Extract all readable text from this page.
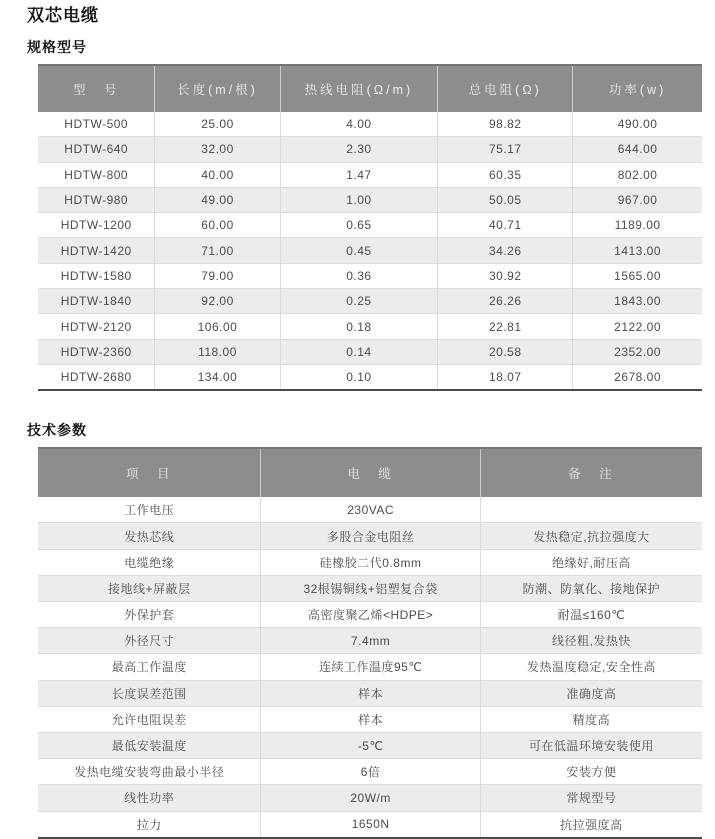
双芯电缆
规格型号
型　号	长度(m/根)	热线电阻(Ω/m)	总电阻(Ω)	功率(w)
HDTW-500	25.00	4.00	98.82	490.00
HDTW-640	32.00	2.30	75.17	644.00
HDTW-800	40.00	1.47	60.35	802.00
HDTW-980	49.00	1.00	50.05	967.00
HDTW-1200	60.00	0.65	40.71	1189.00
HDTW-1420	71.00	0.45	34.26	1413.00
HDTW-1580	79.00	0.36	30.92	1565.00
HDTW-1840	92.00	0.25	26.26	1843.00
HDTW-2120	106.00	0.18	22.81	2122.00
HDTW-2360	118.00	0.14	20.58	2352.00
HDTW-2680	134.00	0.10	18.07	2678.00
技术参数
项　目	电　缆	备　注
工作电压	230VAC	
发热芯线	多股合金电阻丝	发热稳定,抗拉强度大
电缆绝缘	硅橡胶二代0.8mm	绝缘好,耐压高
接地线+屏蔽层	32根锡铜线+铝塑复合袋	防潮、防氧化、接地保护
外保护套	高密度聚乙烯<HDPE>	耐温≤160℃
外径尺寸	7.4mm	线径粗,发热快
最高工作温度	连续工作温度95℃	发热温度稳定,安全性高
长度误差范围	样本	准确度高
允许电阻误差	样本	精度高
最低安装温度	-5℃	可在低温环境安装使用
发热电缆安装弯曲最小半径	6倍	安装方便
线性功率	20W/m	常规型号
拉力	1650N	抗拉强度高
